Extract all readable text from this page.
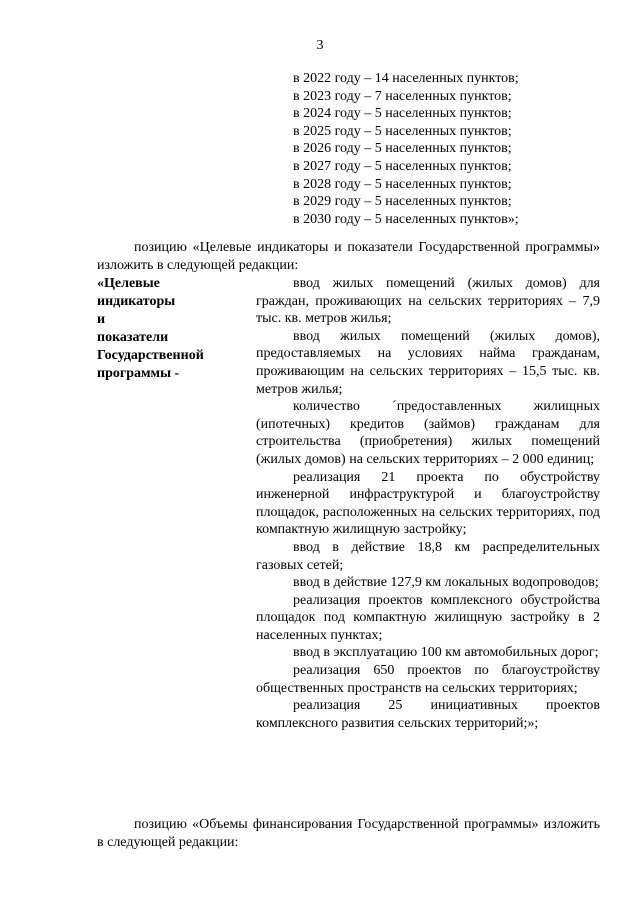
3
в 2022 году – 14 населенных пунктов;
в 2023 году – 7 населенных пунктов;
в 2024 году – 5 населенных пунктов;
в 2025 году – 5 населенных пунктов;
в 2026 году – 5 населенных пунктов;
в 2027 году – 5 населенных пунктов;
в 2028 году – 5 населенных пунктов;
в 2029 году – 5 населенных пунктов;
в 2030 году – 5 населенных пунктов»;
позицию «Целевые индикаторы и показатели Государственной программы» изложить в следующей редакции:
«Целевые
индикаторы
и
показатели
Государственной
программы -

ввод жилых помещений (жилых домов) для граждан, проживающих на сельских территориях – 7,9 тыс. кв. метров жилья;

ввод жилых помещений (жилых домов), предоставляемых на условиях найма гражданам, проживающим на сельских территориях – 15,5 тыс. кв. метров жилья;

количество ´предоставленных жилищных (ипотечных) кредитов (займов) гражданам для строительства (приобретения) жилых помещений (жилых домов) на сельских территориях – 2 000 единиц;

реализация 21 проекта по обустройству инженерной инфраструктурой и благоустройству площадок, расположенных на сельских территориях, под компактную жилищную застройку;

ввод в действие 18,8 км распределительных газовых сетей;

ввод в действие 127,9 км локальных водопроводов;

реализация проектов комплексного обустройства площадок под компактную жилищную застройку в 2 населенных пунктах;

ввод в эксплуатацию 100 км автомобильных дорог;

реализация 650 проектов по благоустройству общественных пространств на сельских территориях;

реализация 25 инициативных проектов комплексного развития сельских территорий;»;

позицию «Объемы финансирования Государственной программы» изложить в следующей редакции:
